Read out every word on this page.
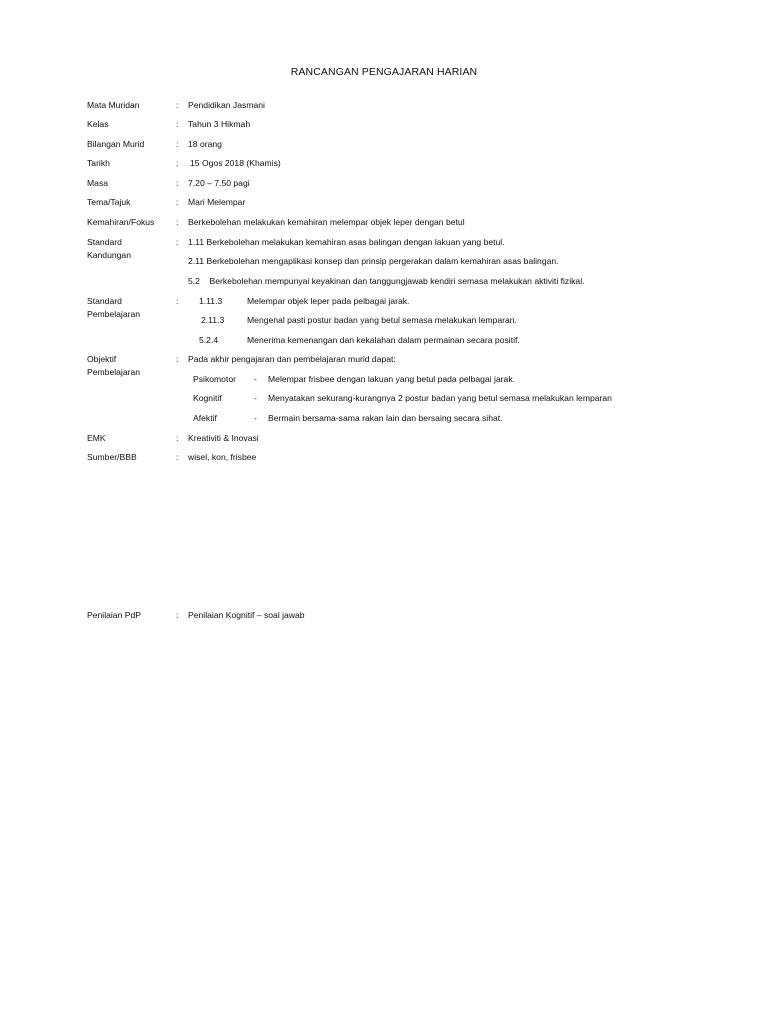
RANCANGAN PENGAJARAN HARIAN
Mata Muridan	: Pendidikan Jasmani
Kelas	: Tahun 3 Hikmah
Bilangan Murid	: 18 orang
Tarikh	: 15 Ogos 2018 (Khamis)
Masa	: 7.20 – 7.50 pagi
Tema/Tajuk	: Mari Melempar
Kemahiran/Fokus	: Berkebolehan melakukan kemahiran melempar objek leper dengan betul
Standard
Kandungan
: 1.11 Berkebolehan melakukan kemahiran asas balingan dengan lakuan yang betul.
2.11 Berkebolehan mengaplikasi konsep dan prinsip pergerakan dalam kemahiran asas balingan.
5.2    Berkebolehan mempunyai keyakinan dan tanggungjawab kendiri semasa melakukan aktiviti fizikal.
Standard
Pembelajaran
: 1.11.3	Melempar objek leper pada pelbagai jarak.
2.11.3	Mengenal pasti postur badan yang betul semasa melakukan lemparan.
5.2.4	Menerima kemenangan dan kekalahan dalam permainan secara positif.
Objektif
Pembelajaran
: Pada akhir pengajaran dan pembelajaran murid dapat:
Psikomotor - Melempar frisbee dengan lakuan yang betul pada pelbagai jarak.
Kognitif	- Menyatakan sekurang-kurangnya 2 postur badan yang betul semasa melakukan lemparan
Afektif	- Bermain bersama-sama rakan lain dan bersaing secara sihat.
EMK	: Kreativiti & Inovasi
Sumber/BBB	: wisel, kon, frisbee
Penilaian PdP	: Penilaian Kognitif – soal jawab
